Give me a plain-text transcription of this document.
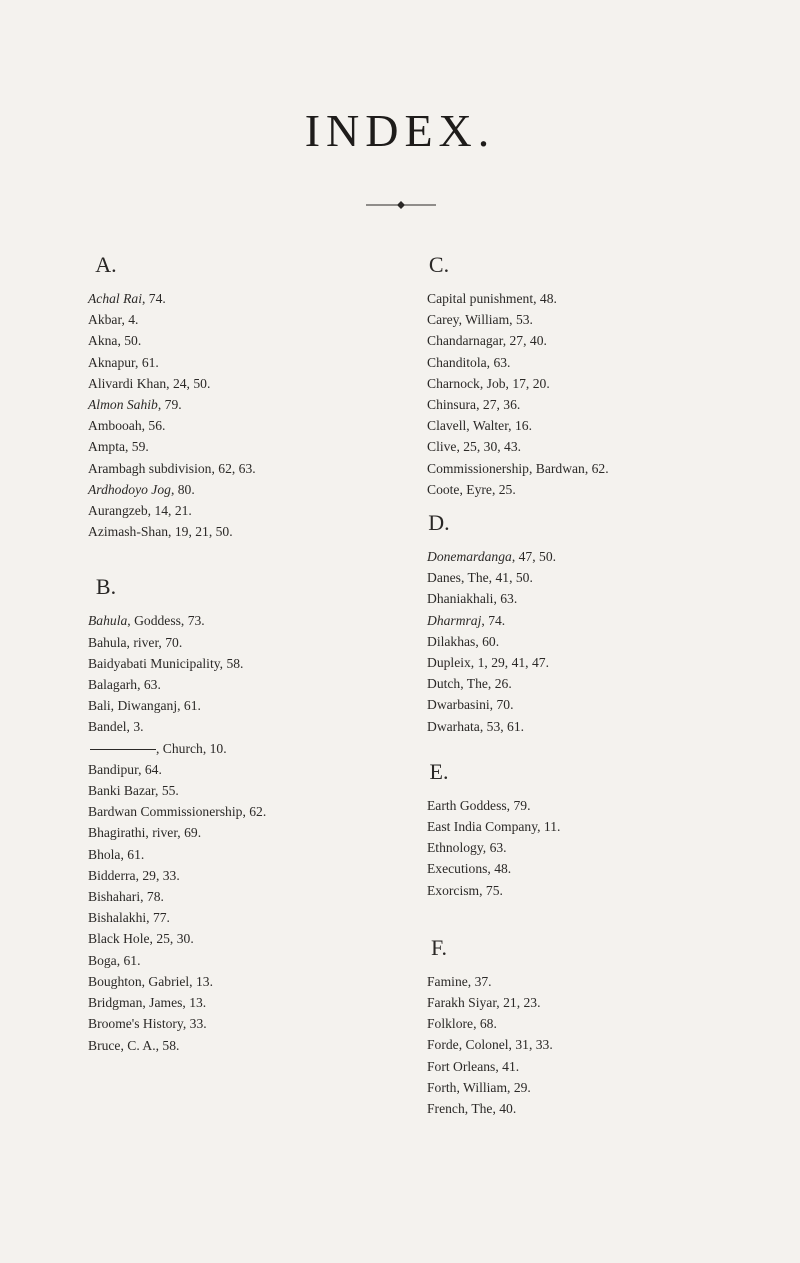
INDEX.
A.
Achal Rai, 74.
Akbar, 4.
Akna, 50.
Aknapur, 61.
Alivardi Khan, 24, 50.
Almon Sahib, 79.
Ambooah, 56.
Ampta, 59.
Arambagh subdivision, 62, 63.
Ardhodoyo Jog, 80.
Aurangzeb, 14, 21.
Azimash-Shan, 19, 21, 50.
B.
Bahula, Goddess, 73.
Bahula, river, 70.
Baidyabati Municipality, 58.
Balagarh, 63.
Bali, Diwanganj, 61.
Bandel, 3.
, Church, 10.
Bandipur, 64.
Banki Bazar, 55.
Bardwan Commissionership, 62.
Bhagirathi, river, 69.
Bhola, 61.
Bidderra, 29, 33.
Bishahari, 78.
Bishalakhi, 77.
Black Hole, 25, 30.
Boga, 61.
Boughton, Gabriel, 13.
Bridgman, James, 13.
Broome's History, 33.
Bruce, C. A., 58.
C.
Capital punishment, 48.
Carey, William, 53.
Chandarnagar, 27, 40.
Chanditola, 63.
Charnock, Job, 17, 20.
Chinsura, 27, 36.
Clavell, Walter, 16.
Clive, 25, 30, 43.
Commissionership, Bardwan, 62.
Coote, Eyre, 25.
D.
Donemardanga, 47, 50.
Danes, The, 41, 50.
Dhaniakhali, 63.
Dharmraj, 74.
Dilakhas, 60.
Dupleix, 1, 29, 41, 47.
Dutch, The, 26.
Dwarbasini, 70.
Dwarhata, 53, 61.
E.
Earth Goddess, 79.
East India Company, 11.
Ethnology, 63.
Executions, 48.
Exorcism, 75.
F.
Famine, 37.
Farakh Siyar, 21, 23.
Folklore, 68.
Forde, Colonel, 31, 33.
Fort Orleans, 41.
Forth, William, 29.
French, The, 40.
